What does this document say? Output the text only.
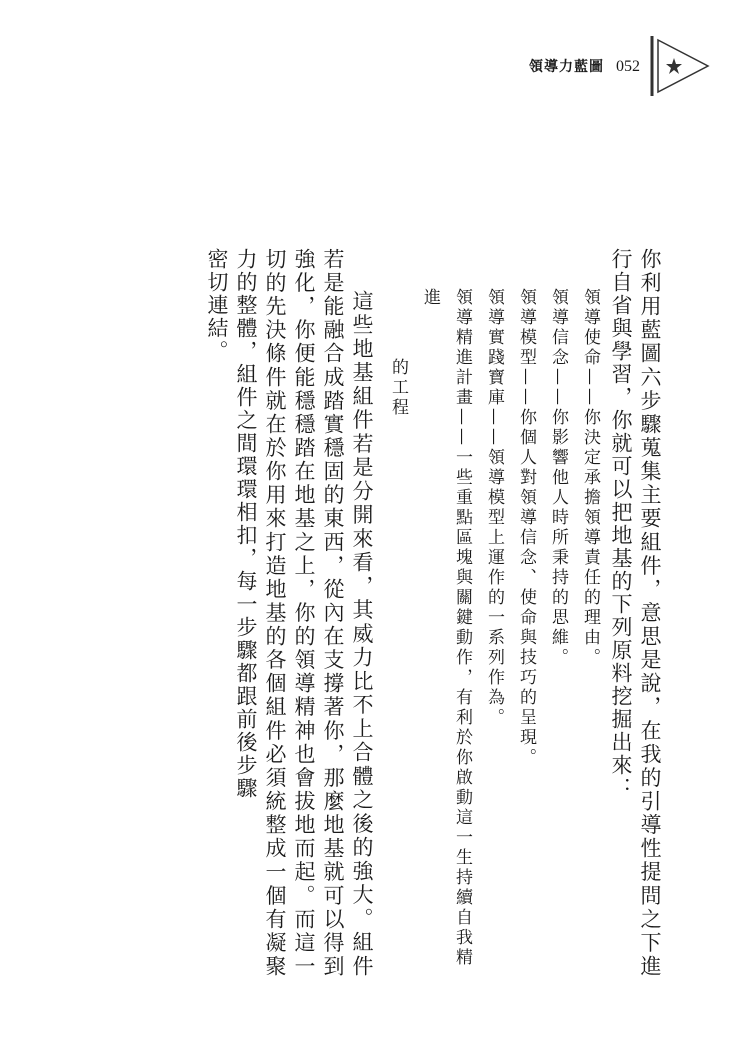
領導力藍圖 052

你利用藍圖六步驟蒐集主要組件，意思是說，在我的引導性提問之下進行自省與學習，你就可以把地基的下列原料挖掘出來：

領導使命——你決定承擔領導責任的理由。

領導信念——你影響他人時所秉持的思維。

領導模型——你個人對領導信念、使命與技巧的呈現。

領導實踐寶庫——領導模型上運作的一系列作為。

領導精進計畫——一些重點區塊與關鍵動作，有利於你啟動這一生持續自我精進

的工程

這些地基組件若是分開來看，其威力比不上合體之後的強大。組件若是能融合成踏實穩固的東西，從內在支撐著你，那麼地基就可以得到強化，你便能穩穩踏在地基之上，你的領導精神也會拔地而起。而這一切的先決條件就在於你用來打造地基的各個組件必須統整成一個有凝聚力的整體，組件之間環環相扣，每一步驟都跟前後步驟

密切連結。
